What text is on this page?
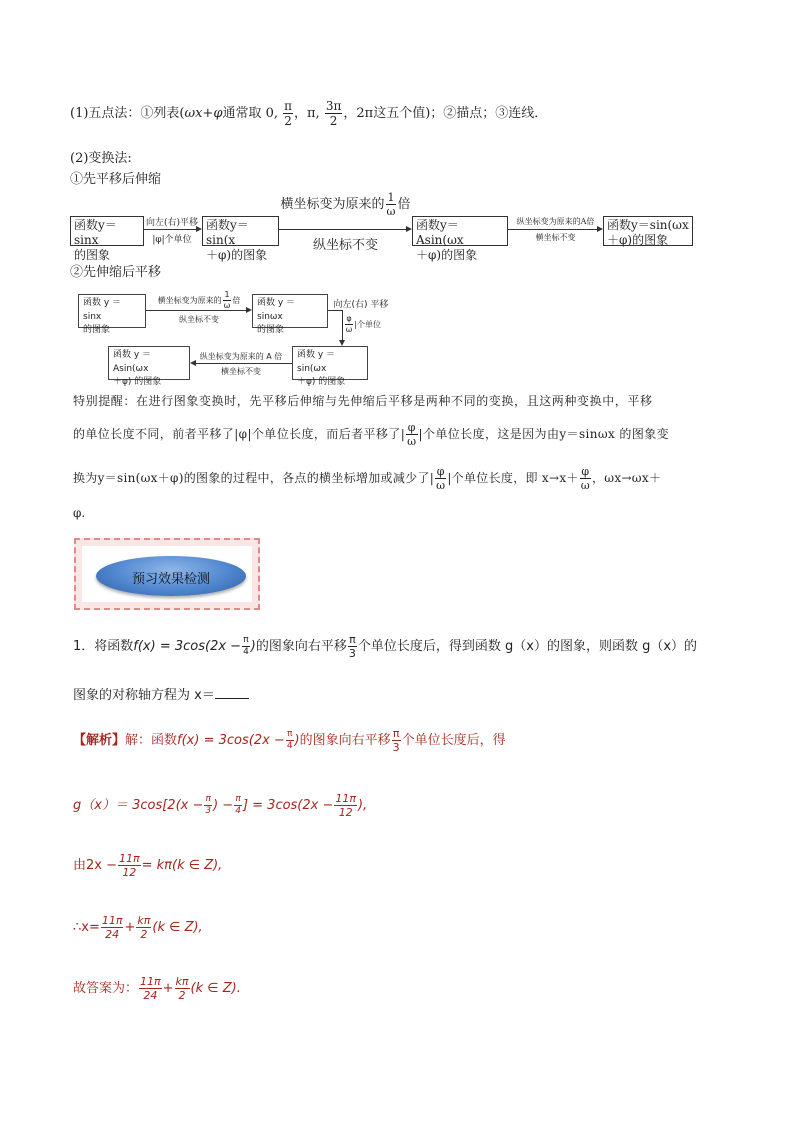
(1)五点法：①列表(ωx+φ通常取 0, $\frac{\pi}{2}$ ，π, $\frac{3\pi}{2}$ ，2π这五个值)；②描点；③连线．
(2)变换法:
①先平移后伸缩
函数y＝sinx
的图象
向左(右)平移
|φ|个单位
函数y＝sin(x
＋φ)的图象
横坐标变为原来的 $\frac{1}{\omega}$ 倍
纵坐标不变
函数y＝Asin(ωx
＋φ)的图象
纵坐标变为原来的A倍
横坐标不变
函数y＝sin(ωx
＋φ)的图象
②先伸缩后平移
函数 y ＝ sinx
的图象
横坐标变为原来的 $\frac{1}{\omega}$ 倍
纵坐标不变
函数 y ＝ sinωx
的图象
向左(右) 平移
| $\frac{\varphi}{\omega}$ |个单位
函数 y ＝ sin(ωx
＋φ) 的图象
纵坐标变为原来的 A 倍
横坐标不变
函数 y ＝ Asin(ωx
＋φ) 的图象
特别提醒：在进行图象变换时，先平移后伸缩与先伸缩后平移是两种不同的变换，且这两种变换中，平移
的单位长度不同，前者平移了|φ|个单位长度，而后者平移了| $\frac{\varphi}{\omega}$ |个单位长度，这是因为由y＝sinωx 的图象变
换为y＝sin(ωx＋φ)的图象的过程中，各点的横坐标增加或减少了| $\frac{\varphi}{\omega}$ |个单位长度，即 $x\to x+ \frac{\varphi}{\omega}$ ，ωx→ωx＋
φ.
预习效果检测
1．将函数$f(x) = 3\cos(2x - \frac{\pi}{4}$ )的图象向右平移 $\frac{\pi}{3}$ 个单位长度后，得到函数 g（x）的图象，则函数 g（x）的
图象的对称轴方程为 x＝
【解析】解：函数$f(x) = 3\cos(2x - \frac{\pi}{4}$ )的图象向右平移 $\frac{\pi}{3}$ 个单位长度后，得
$g(x)= 3\cos[2(x - \frac{\pi}{3}$ ) − $\frac{\pi}{4}$ ] = $3\cos(2x - \frac{11\pi}{12}$ ),
由$2x - \frac{11\pi}{12} = k\pi(k$ ∈ Z),
∴x= $\frac{11\pi}{24} + \frac{k\pi}{2} (k$ ∈ Z),
故答案为： $\frac{11\pi}{24} + \frac{k\pi}{2} (k$ ∈ Z).
